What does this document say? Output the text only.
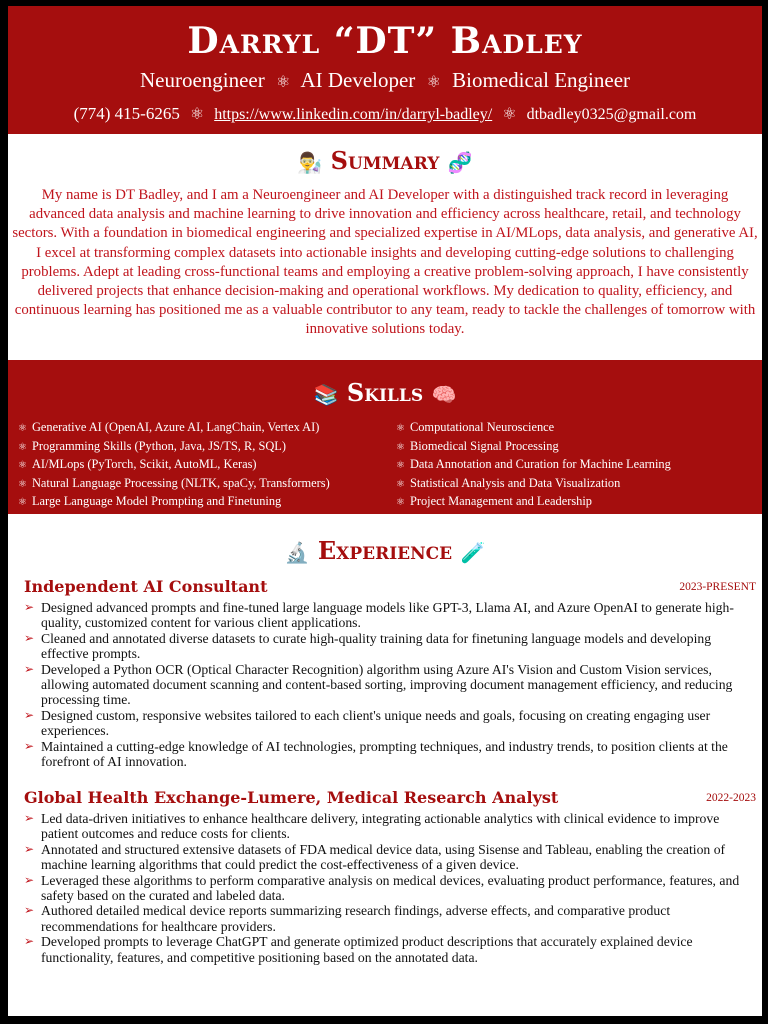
Darryl “DT” Badley
Neuroengineer ⚛ AI Developer ⚛ Biomedical Engineer
(774) 415-6265 ⚛ https://www.linkedin.com/in/darryl-badley/ ⚛ dtbadley0325@gmail.com
👨‍🔬 Summary 🧬
My name is DT Badley, and I am a Neuroengineer and AI Developer with a distinguished track record in leveraging advanced data analysis and machine learning to drive innovation and efficiency across healthcare, retail, and technology sectors. With a foundation in biomedical engineering and specialized expertise in AI/MLops, data analysis, and generative AI, I excel at transforming complex datasets into actionable insights and developing cutting-edge solutions to challenging problems. Adept at leading cross-functional teams and employing a creative problem-solving approach, I have consistently delivered projects that enhance decision-making and operational workflows. My dedication to quality, efficiency, and continuous learning has positioned me as a valuable contributor to any team, ready to tackle the challenges of tomorrow with innovative solutions today.
📚 Skills 🧠
⚛ Generative AI (OpenAI, Azure AI, LangChain, Vertex AI)
⚛ Programming Skills (Python, Java, JS/TS, R, SQL)
⚛ AI/MLops (PyTorch, Scikit, AutoML, Keras)
⚛ Natural Language Processing (NLTK, spaCy, Transformers)
⚛ Large Language Model Prompting and Finetuning
⚛ Computational Neuroscience
⚛ Biomedical Signal Processing
⚛ Data Annotation and Curation for Machine Learning
⚛ Statistical Analysis and Data Visualization
⚛ Project Management and Leadership
🔬 Experience 🧪
Independent AI Consultant	2023-PRESENT
➢ Designed advanced prompts and fine-tuned large language models like GPT-3, Llama AI, and Azure OpenAI to generate high-quality, customized content for various client applications.
➢ Cleaned and annotated diverse datasets to curate high-quality training data for finetuning language models and developing effective prompts.
➢ Developed a Python OCR (Optical Character Recognition) algorithm using Azure AI's Vision and Custom Vision services, allowing automated document scanning and content-based sorting, improving document management efficiency, and reducing processing time.
➢ Designed custom, responsive websites tailored to each client's unique needs and goals, focusing on creating engaging user experiences.
➢ Maintained a cutting-edge knowledge of AI technologies, prompting techniques, and industry trends, to position clients at the forefront of AI innovation.
Global Health Exchange-Lumere, Medical Research Analyst	2022-2023
➢ Led data-driven initiatives to enhance healthcare delivery, integrating actionable analytics with clinical evidence to improve patient outcomes and reduce costs for clients.
➢ Annotated and structured extensive datasets of FDA medical device data, using Sisense and Tableau, enabling the creation of machine learning algorithms that could predict the cost-effectiveness of a given device.
➢ Leveraged these algorithms to perform comparative analysis on medical devices, evaluating product performance, features, and safety based on the curated and labeled data.
➢ Authored detailed medical device reports summarizing research findings, adverse effects, and comparative product recommendations for healthcare providers.
➢ Developed prompts to leverage ChatGPT and generate optimized product descriptions that accurately explained device functionality, features, and competitive positioning based on the annotated data.
